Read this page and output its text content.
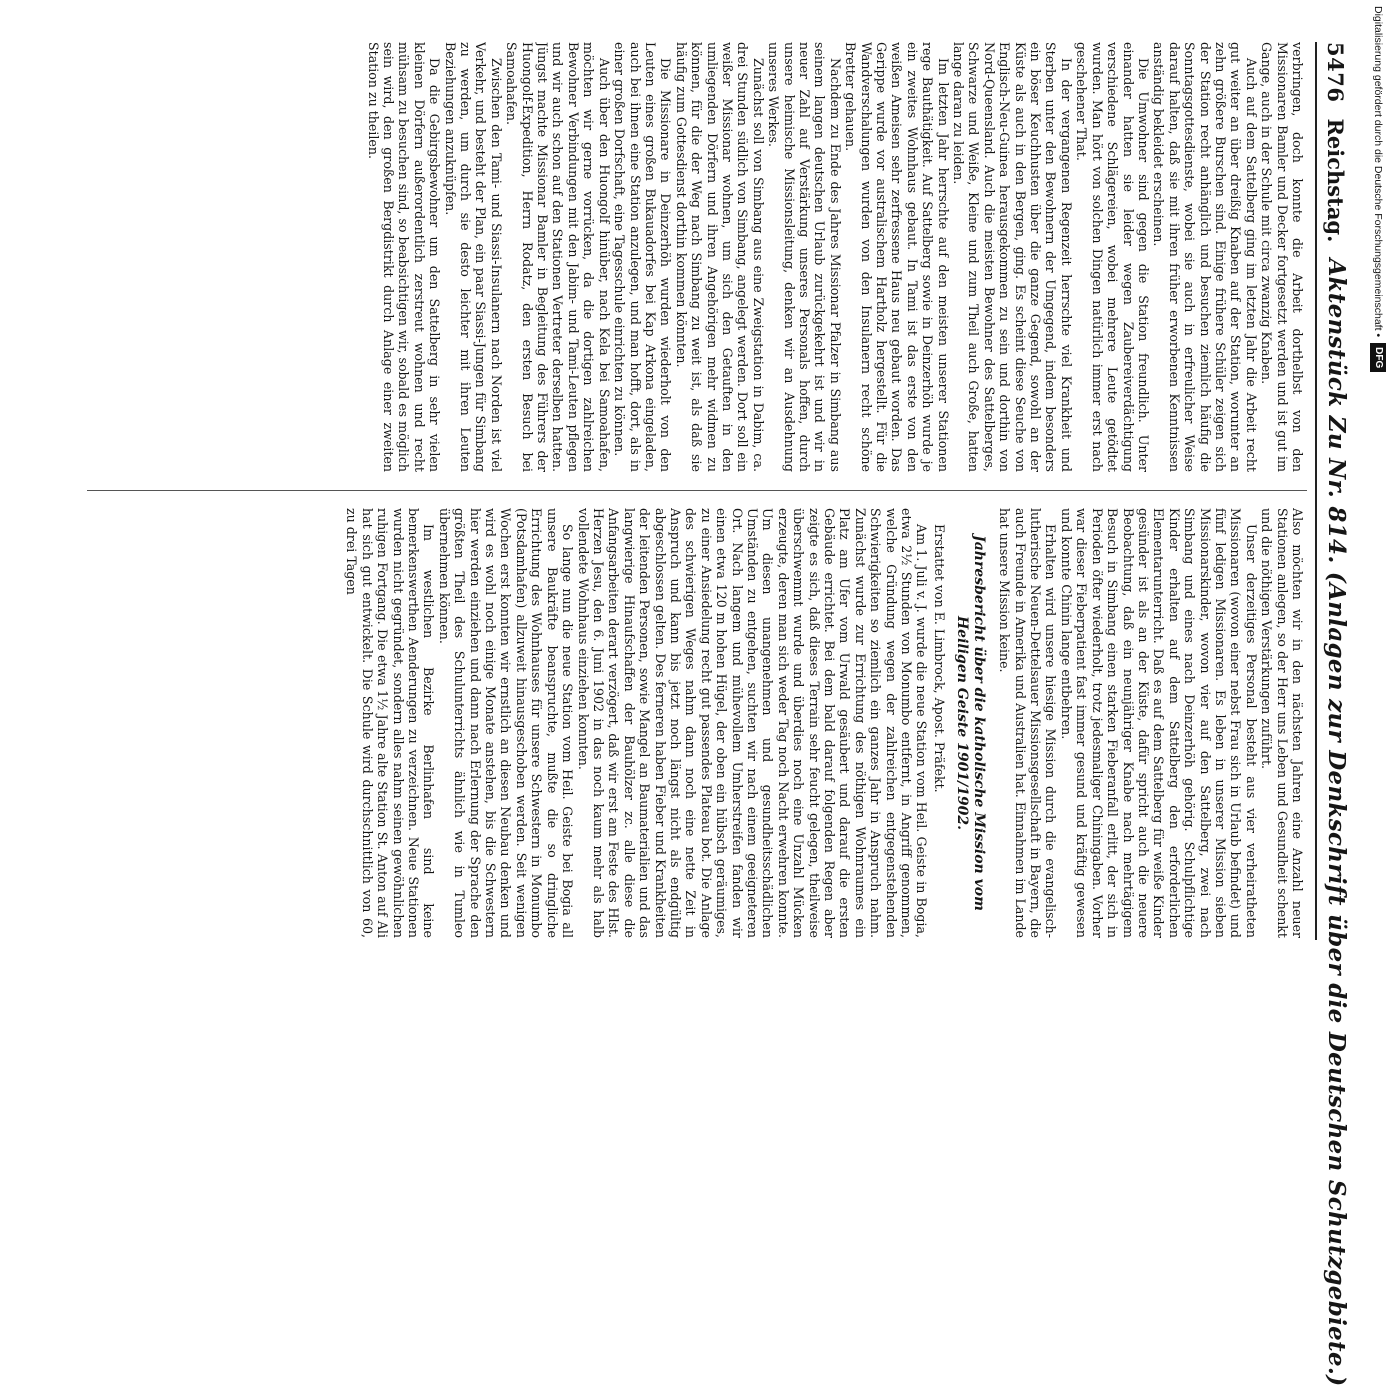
5476
Reichstag.
Aktenstück Zu Nr. 814. (Anlagen zur Denkschrift über die Deutschen Schutzgebiete.)

verbringen, doch konnte die Arbeit dorthelbst von den Missionaren Bamler und Decker fortgesetzt werden und ist gut im Gange, auch in der Schule mit circa zwanzig Knaben.

Auch auf dem Sattelberg ging im letzten Jahr die Arbeit recht gut weiter an über dreißig Knaben auf der Station, worunter an zehn größere Burschen sind. Einige frühere Schüler zeigen sich der Station recht anhänglich und besuchen ziemlich häufig die Sonntagsgottesdienste, wobei sie auch in erfreulicher Weise darauf halten, daß sie mit ihren früher erworbenen Kenntnissen anständig bekleidet erscheinen.

Die Umwohner sind gegen die Station freundlich. Unter einander hatten sie leider wegen Zaubereiverdächtigung verschiedene Schlägereien, wobei mehrere Leute getödtet wurden. Man hört von solchen Dingen natürlich immer erst nach geschehener That.

In der vergangenen Regenzeit herrschte viel Krankheit und Sterben unter den Bewohnern der Umgegend, indem besonders ein böser Keuchhusten über die ganze Gegend, sowohl an der Küste als auch in den Bergen, ging. Es scheint diese Seuche von Englisch-Neu-Guinea herausgekommen zu sein und dorthin von Nord-Queensland. Auch die meisten Bewohner des Sattelberges, Schwarze und Weiße, Kleine und zum Theil auch Große, hatten lange daran zu leiden.

Im letzten Jahr herrschte auf den meisten unserer Stationen rege Bauthätigkeit. Auf Sattelberg sowie in Deinzerhöh wurde je ein zweites Wohnhaus gebaut. In Tami ist das erste von den weißen Ameisen sehr zerfressene Haus neu gebaut worden. Das Gerippe wurde vor australischem Hartholz hergestellt. Für die Wandverschalungen wurden von den Insulanern recht schöne Bretter gehauen.

Nachdem zu Ende des Jahres Missionar Pfalzer in Simbang aus seinem langen deutschen Urlaub zurückgekehrt ist und wir in neuer Zahl auf Verstärkung unseres Personals hoffen, durch unsere heimische Missionsleitung, denken wir an Ausdehnung unseres Werkes.

Zunächst soll von Simbang aus eine Zweigstation in Dabim, ca. drei Stunden südlich von Simbang, angelegt werden. Dort soll ein weißer Missionar wohnen, um sich den Getauften in den umliegenden Dörfern und ihren Angehörigen mehr widmen zu können, für die der Weg nach Simbang zu weit ist, als daß sie häufig zum Gottesdienst dorthin kommen könnten.

Die Missionare in Deinzerhöh wurden wiederholt von den Leuten eines großen Bukauadorfes bei Kap Arkona eingeladen, auch bei ihnen eine Station anzulegen, und man hofft, dort, als in einer großen Dorfschaft, eine Tagesschule einrichten zu können.

Auch über den Huongolf hinüber, nach Kela bei Samoahafen, möchten wir gerne vorrücken, da die dortigen zahlreichen Bewohner Verbindungen mit den Jabim- und Tami-Leuten pflegen und wir auch schon auf den Stationen Vertreter derselben hatten. Jüngst machte Missionar Bamler in Begleitung des Führers der Huongolf-Expedition, Herrn Rodatz, den ersten Besuch bei Samoahafen.

Zwischen den Tami- und Siassi-Insulanern nach Norden ist viel Verkehr, und besteht der Plan, ein paar Siassi-Jungen für Simbang zu werden, um durch sie desto leichter mit ihren Leuten Beziehungen anzuknüpfen.

Da die Gebirgsbewohner um den Sattelberg in sehr vielen kleinen Dörfern außerordentlich zerstreut wohnen und recht mühsam zu besuchen sind, so beabsichtigen wir, sobald es möglich sein wird, den großen Bergdistrikt durch Anlage einer zweiten Station zu theilen.

Also möchten wir in den nächsten Jahren eine Anzahl neuer Stationen anlegen, so der Herr uns Leben und Gesundheit schenkt und die nöthigen Verstärkungen zuführt.

Unser derzeitiges Personal besteht aus vier verheiratheten Missionaren (wovon einer nebst Frau sich in Urlaub befindet) und fünf ledigen Missionaren. Es leben in unserer Mission sieben Missionarskinder, wovon vier auf den Sattelberg, zwei nach Simbang und eines nach Deinzerhöh gehörig. Schulpflichtige Kinder erhalten auf dem Sattelberg den erforderlichen Elementarunterricht. Daß es auf dem Sattelberg für weiße Kinder gesünder ist als an der Küste, dafür spricht auch die neuere Beobachtung, daß ein neunjähriger Knabe nach mehrtägigem Besuch in Simbang einen starken Fieberanfall erlitt, der sich in Perioden öfter wiederholt, trotz jedesmaliger Chiningaben. Vorher war dieser Fieberpatient fast immer gesund und kräftig gewesen und konnte Chinin lange entbehren.

Erhalten wird unsere hiesige Mission durch die evangelisch-lutherische Neuen-Dettelsauer Missionsgesellschaft in Bayern, die auch Freunde in Amerika und Australien hat. Einnahmen im Lande hat unsere Mission keine.

Jahresbericht über die katholische Mission vom Heiligen Geiste 1901/1902.

Erstattet von E. Limbrock, Apost. Präfekt.

Am 1. Juli v. J. wurde die neue Station vom Heil. Geiste in Bogia, etwa 2½ Stunden von Monumbo entfernt, in Angriff genommen, welche Gründung wegen der zahlreichen entgegenstehenden Schwierigkeiten so ziemlich ein ganzes Jahr in Anspruch nahm. Zunächst wurde zur Errichtung des nöthigen Wohnraumes ein Platz am Ufer vom Urwald gesäubert und darauf die ersten Gebäude errichtet. Bei dem bald darauf folgenden Regen aber zeigte es sich, daß dieses Terrain sehr feucht gelegen, theilweise überschwemmt wurde und überdies noch eine Unzahl Mücken erzeugte, deren man sich weder Tag noch Nacht erwehren konnte. Um diesen unangenehmen und gesundheitsschädlichen Umständen zu entgehen, suchten wir nach einem geeigneteren Ort. Nach langem und mühevollem Umherstreifen fanden wir einen etwa 120 m hohen Hügel, der oben ein hübsch geräumiges, zu einer Ansiedelung recht gut passendes Plateau bot. Die Anlage des schwierigen Weges nahm dann noch eine nette Zeit in Anspruch und kann bis jetzt noch längst nicht als endgültig abgeschlossen gelten. Des ferneren haben Fieber und Krankheiten der leitenden Personen, sowie Mangel an Baumaterialien und das langwierige Hinaufschaffen der Bauhölzer zc. alle diese die Anfangsarbeiten derart verzögert, daß wir erst am Feste des Hlst. Herzen Jesu, den 6. Juni 1902 in das noch kaum mehr als halb vollendete Wohnhaus einziehen konnten.

So lange nun die neue Station vom Heil. Geiste bei Bogia all unsere Baukräfte beanspruchte, mußte die so dringliche Errichtung des Wohnhauses für unsere Schwestern in Monumbo (Potsdamhafen) allzuweit hinausgeschoben werden. Seit wenigen Wochen erst konnten wir ernstlich an diesen Neubau denken und wird es wohl noch einige Monate anstehen, bis die Schwestern hier werden einziehen und dann nach Erlernung der Sprache den größten Theil des Schulunterrichts ähnlich wie in Tumleo übernehmen können.

Im westlichen Bezirke Berlinhafen sind keine bemerkenswerthen Aenderungen zu verzeichnen. Neue Stationen wurden nicht gegründet, sondern alles nahm seinen gewöhnlichen ruhigen Fortgang. Die etwa 1½ Jahre alte Station St. Anton auf Ali hat sich gut entwickelt. Die Schule wird durchschnittlich von 60, zu drei Tagen

Digitalisierung gefördert durch die Deutsche Forschungsgemeinschaft •
DFG
